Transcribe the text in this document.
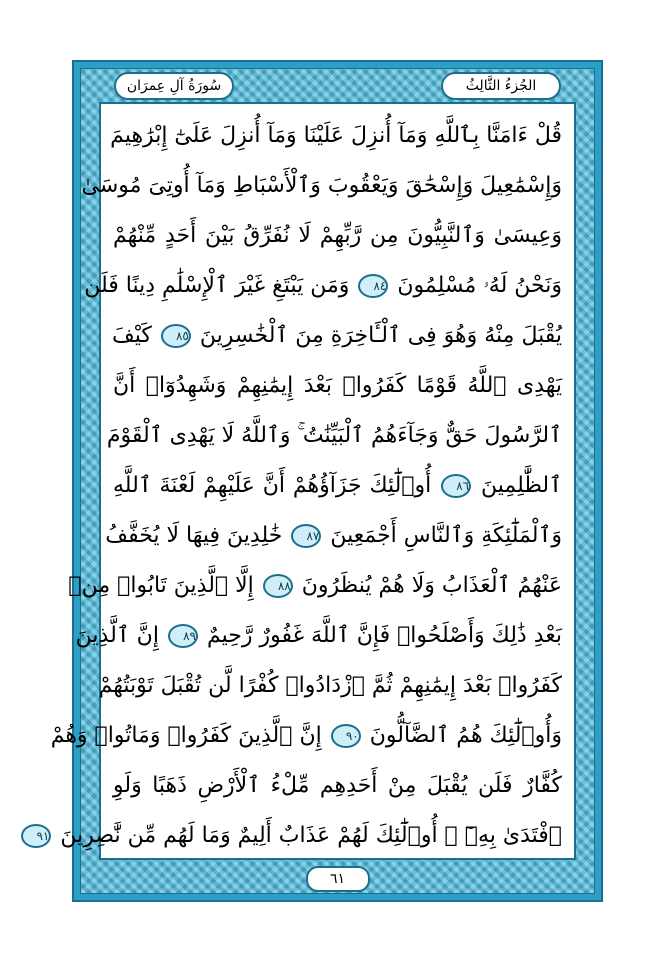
سُورَةُ آلِ عِمرَان	الجُزءُ الثَّالِثُ
قُلْ ءَامَنَّا بِٱللَّهِ وَمَآ أُنزِلَ عَلَيْنَا وَمَآ أُنزِلَ عَلَىٰٓ إِبْرَٰهِيمَ
وَإِسْمَٰعِيلَ وَإِسْحَٰقَ وَيَعْقُوبَ وَٱلْأَسْبَاطِ وَمَآ أُوتِىَ مُوسَىٰ
وَعِيسَىٰ وَٱلنَّبِيُّونَ مِن رَّبِّهِمْ لَا نُفَرِّقُ بَيْنَ أَحَدٍ مِّنْهُمْ
وَنَحْنُ لَهُۥ مُسْلِمُونَ ٨٤ وَمَن يَبْتَغِ غَيْرَ ٱلْإِسْلَٰمِ دِينًا فَلَن
يُقْبَلَ مِنْهُ وَهُوَ فِى ٱلْـَٔاخِرَةِ مِنَ ٱلْخَٰسِرِينَ ٨٥ كَيْفَ
يَهْدِى ٱللَّهُ قَوْمًا كَفَرُوا۟ بَعْدَ إِيمَٰنِهِمْ وَشَهِدُوٓا۟ أَنَّ
ٱلرَّسُولَ حَقٌّ وَجَآءَهُمُ ٱلْبَيِّنَٰتُ ۚ وَٱللَّهُ لَا يَهْدِى ٱلْقَوْمَ
ٱلظَّٰلِمِينَ ٨٦ أُو۟لَٰٓئِكَ جَزَآؤُهُمْ أَنَّ عَلَيْهِمْ لَعْنَةَ ٱللَّهِ
وَٱلْمَلَٰٓئِكَةِ وَٱلنَّاسِ أَجْمَعِينَ ٨٧ خَٰلِدِينَ فِيهَا لَا يُخَفَّفُ
عَنْهُمُ ٱلْعَذَابُ وَلَا هُمْ يُنظَرُونَ ٨٨ إِلَّا ٱلَّذِينَ تَابُوا۟ مِنۢ
بَعْدِ ذَٰلِكَ وَأَصْلَحُوا۟ فَإِنَّ ٱللَّهَ غَفُورٌ رَّحِيمٌ ٨٩ إِنَّ ٱلَّذِينَ
كَفَرُوا۟ بَعْدَ إِيمَٰنِهِمْ ثُمَّ ٱزْدَادُوا۟ كُفْرًا لَّن تُقْبَلَ تَوْبَتُهُمْ
وَأُو۟لَٰٓئِكَ هُمُ ٱلضَّآلُّونَ ٩٠ إِنَّ ٱلَّذِينَ كَفَرُوا۟ وَمَاتُوا۟ وَهُمْ
كُفَّارٌ فَلَن يُقْبَلَ مِنْ أَحَدِهِم مِّلْءُ ٱلْأَرْضِ ذَهَبًا وَلَوِ
ٱفْتَدَىٰ بِهِۦٓ ۗ أُو۟لَٰٓئِكَ لَهُمْ عَذَابٌ أَلِيمٌ وَمَا لَهُم مِّن نَّٰصِرِينَ ٩١
٦١
